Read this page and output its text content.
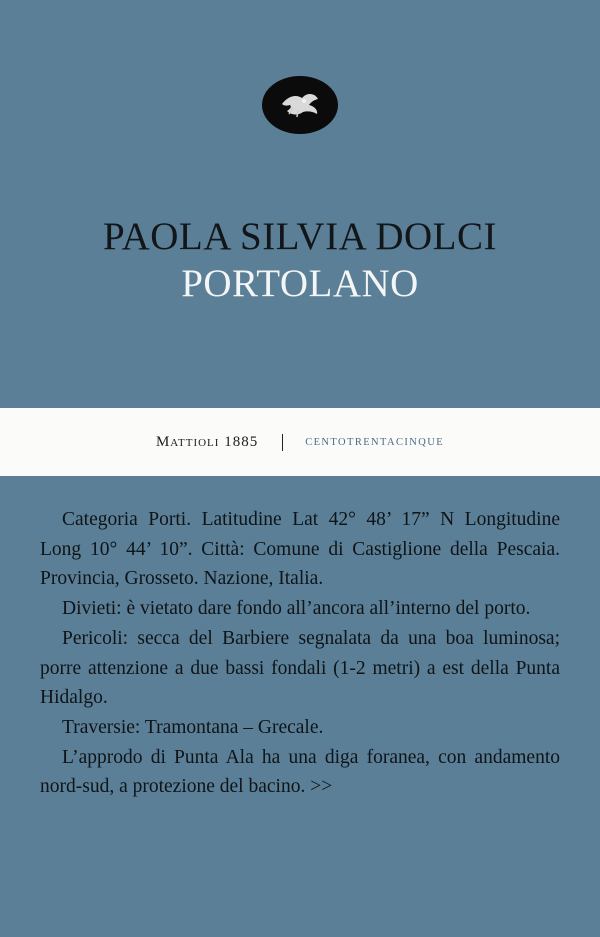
PAOLA SILVIA DOLCI
PORTOLANO
Mattioli 1885	CENTOTRENTACINQUE

Categoria Porti. Latitudine Lat 42° 48’ 17” N Longitudine Long 10° 44’ 10”. Città: Comune di Castiglione della Pescaia. Provincia, Grosseto. Nazione, Italia.

Divieti: è vietato dare fondo all’ancora all’interno del porto.

Pericoli: secca del Barbiere segnalata da una boa luminosa; porre attenzione a due bassi fondali (1-2 metri) a est della Punta Hidalgo.

Traversie: Tramontana – Grecale.

L’approdo di Punta Ala ha una diga foranea, con andamento nord-sud, a protezione del bacino. >>
